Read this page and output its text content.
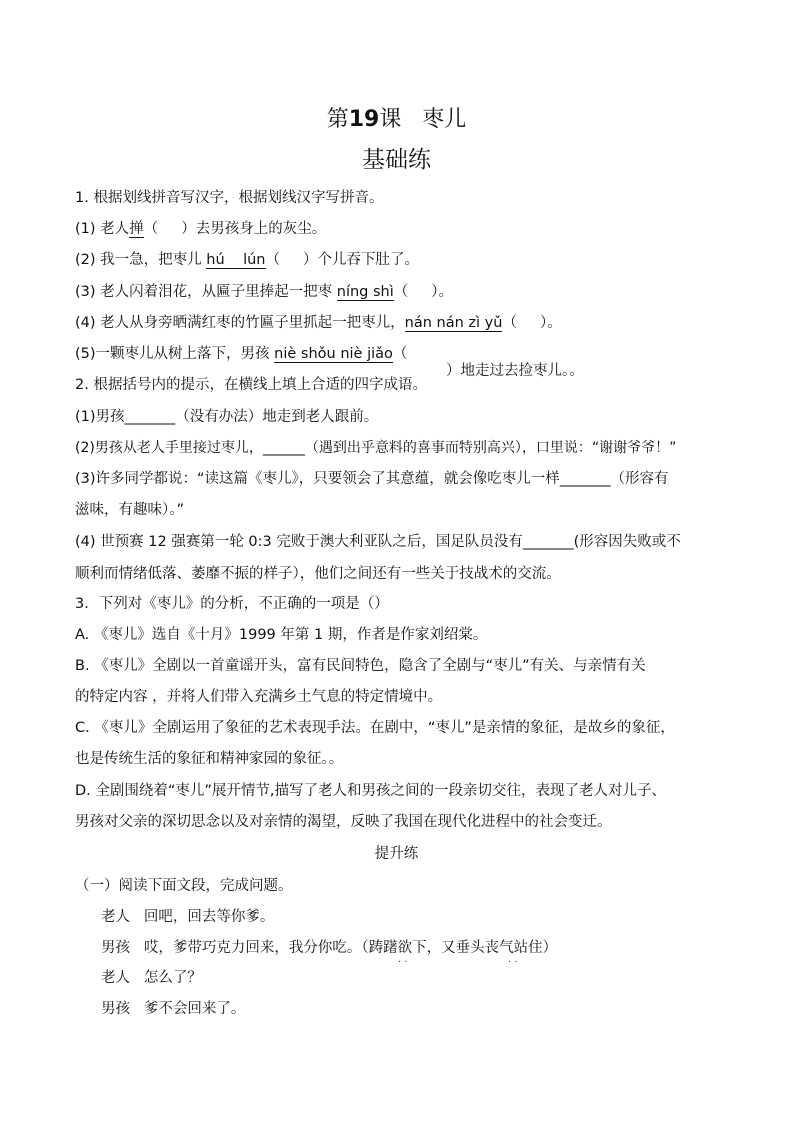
第19课   枣儿
基础练
1. 根据划线拼音写汉字，根据划线汉字写拼音。
(1) 老人掸（     ）去男孩身上的灰尘。
(2) 我一急，把枣儿 hú    lún（     ）个儿吞下肚了。
(3) 老人闪着泪花，从匾子里捧起一把枣 níng shì（     ）。
(4) 老人从身旁晒满红枣的竹匾子里抓起一把枣儿，nán nán zì yǔ（     ）。
(5)一颗枣儿从树上落下，男孩 niè shǒu niè jiǎo（
）地走过去捡枣儿。。
2. 根据括号内的提示，在横线上填上合适的四字成语。
(1)男孩_______（没有办法）地走到老人跟前。
(2)男孩从老人手里接过枣儿，______（遇到出乎意料的喜事而特别高兴），口里说：“谢谢爷爷！”
(3)许多同学都说：“读这篇《枣儿》，只要领会了其意蕴，就会像吃枣儿一样_______（形容有
滋味，有趣味）。”
(4) 世预赛 12 强赛第一轮 0:3 完败于澳大利亚队之后，国足队员没有_______(形容因失败或不
顺利而情绪低落、萎靡不振的样子），他们之间还有一些关于技战术的交流。
3．下列对《枣儿》的分析，不正确的一项是（）
A. 《枣儿》选自《十月》1999 年第 1 期，作者是作家刘绍棠。
B. 《枣儿》全剧以一首童谣开头，富有民间特色，隐含了全剧与“枣儿”有关、与亲情有关
的特定内容 ，并将人们带入充满乡土气息的特定情境中。
C. 《枣儿》全剧运用了象征的艺术表现手法。在剧中，“枣儿”是亲情的象征，是故乡的象征，
也是传统生活的象征和精神家园的象征。。
D. 全剧围绕着“枣儿”展开情节,描写了老人和男孩之间的一段亲切交往，表现了老人对儿子、
男孩对父亲的深切思念以及对亲情的渴望，反映了我国在现代化进程中的社会变迁。
提升练
（一）阅读下面文段，完成问题。
老人   回吧，回去等你爹。
男孩   哎，爹带巧克力回来，我分你吃。（踌躇欲下，又垂头丧气站住）
· ·	· ·
老人   怎么了？
男孩   爹不会回来了。
